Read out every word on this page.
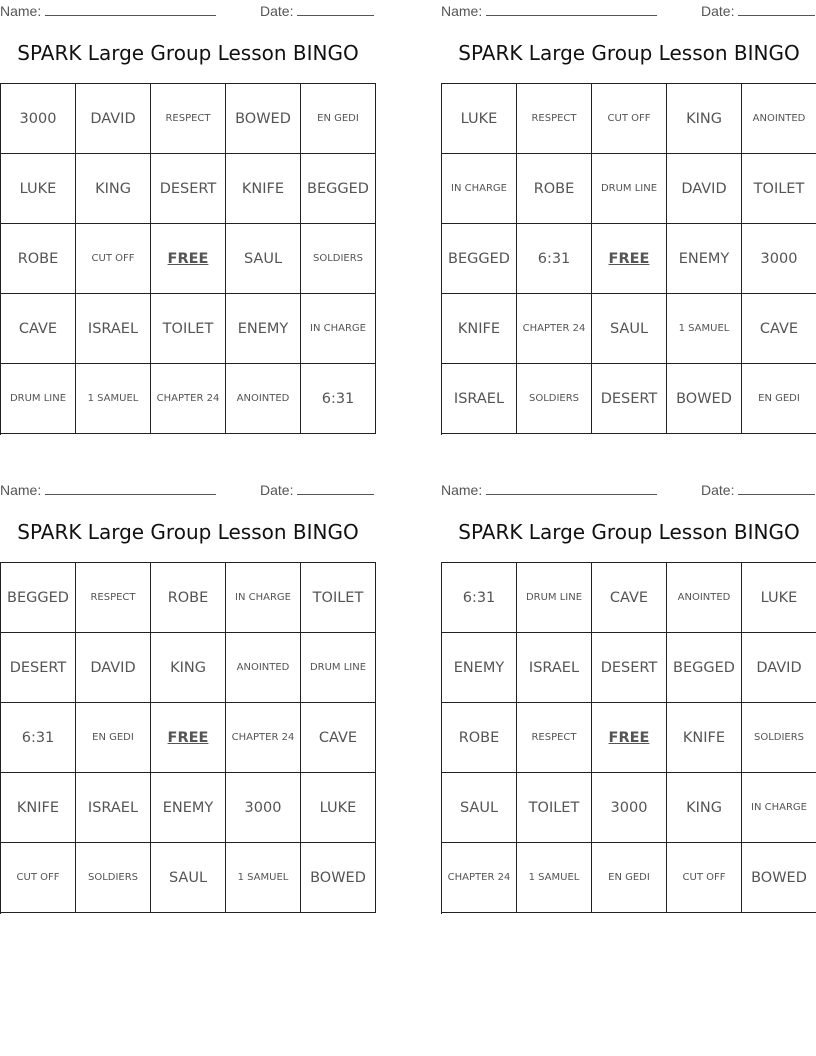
Name:	Date:
SPARK Large Group Lesson BINGO
3000	DAVID	RESPECT	BOWED	EN GEDI
LUKE	KING	DESERT	KNIFE	BEGGED
ROBE	CUT OFF	FREE	SAUL	SOLDIERS
CAVE	ISRAEL	TOILET	ENEMY	IN CHARGE
DRUM LINE	1 SAMUEL	CHAPTER 24	ANOINTED	6:31
Name:	Date:
SPARK Large Group Lesson BINGO
LUKE	RESPECT	CUT OFF	KING	ANOINTED
IN CHARGE	ROBE	DRUM LINE	DAVID	TOILET
BEGGED	6:31	FREE	ENEMY	3000
KNIFE	CHAPTER 24	SAUL	1 SAMUEL	CAVE
ISRAEL	SOLDIERS	DESERT	BOWED	EN GEDI
Name:	Date:
SPARK Large Group Lesson BINGO
BEGGED	RESPECT	ROBE	IN CHARGE	TOILET
DESERT	DAVID	KING	ANOINTED	DRUM LINE
6:31	EN GEDI	FREE	CHAPTER 24	CAVE
KNIFE	ISRAEL	ENEMY	3000	LUKE
CUT OFF	SOLDIERS	SAUL	1 SAMUEL	BOWED
Name:	Date:
SPARK Large Group Lesson BINGO
6:31	DRUM LINE	CAVE	ANOINTED	LUKE
ENEMY	ISRAEL	DESERT	BEGGED	DAVID
ROBE	RESPECT	FREE	KNIFE	SOLDIERS
SAUL	TOILET	3000	KING	IN CHARGE
CHAPTER 24	1 SAMUEL	EN GEDI	CUT OFF	BOWED
